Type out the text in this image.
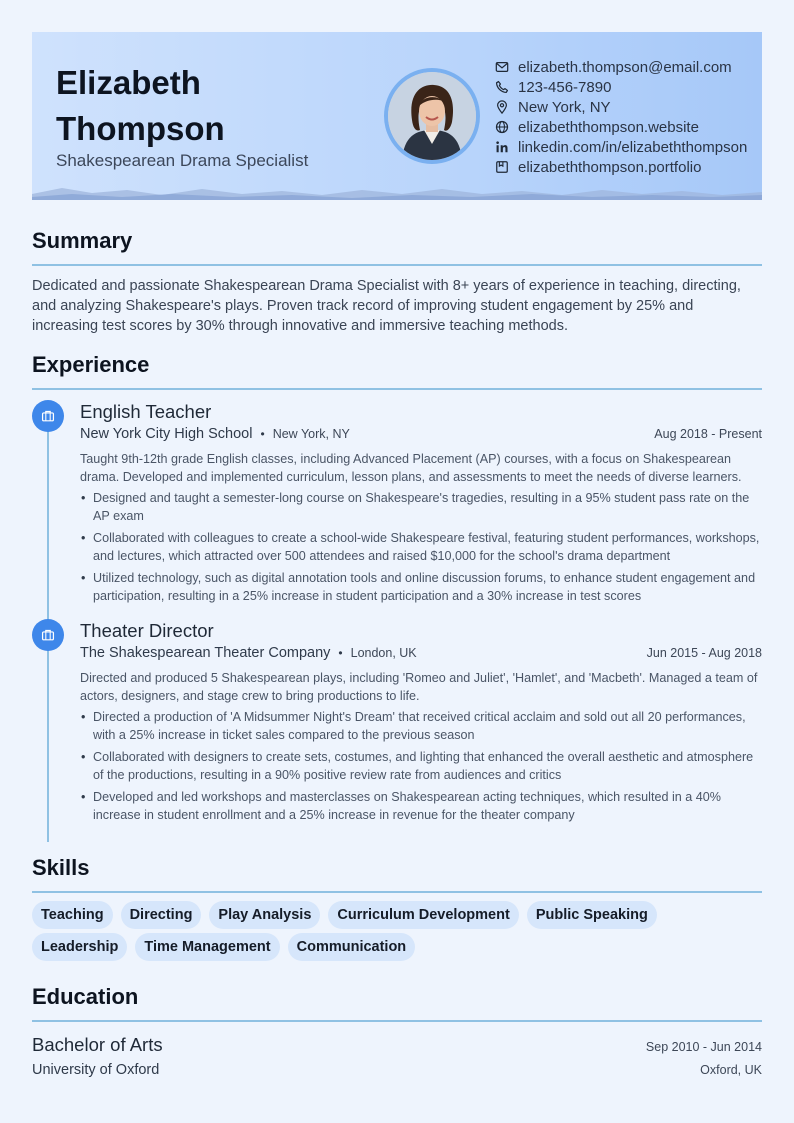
Elizabeth Thompson
Shakespearean Drama Specialist
elizabeth.thompson@email.com
123-456-7890
New York, NY
elizabeththompson.website
linkedin.com/in/elizabeththompson
elizabeththompson.portfolio
Summary

Dedicated and passionate Shakespearean Drama Specialist with 8+ years of experience in teaching, directing, and analyzing Shakespeare's plays. Proven track record of improving student engagement by 25% and increasing test scores by 30% through innovative and immersive teaching methods.

Experience
English Teacher
New York City High School • New York, NY	Aug 2018 - Present
Taught 9th-12th grade English classes, including Advanced Placement (AP) courses, with a focus on Shakespearean drama. Developed and implemented curriculum, lesson plans, and assessments to meet the needs of diverse learners.
• Designed and taught a semester-long course on Shakespeare's tragedies, resulting in a 95% student pass rate on the AP exam
• Collaborated with colleagues to create a school-wide Shakespeare festival, featuring student performances, workshops, and lectures, which attracted over 500 attendees and raised $10,000 for the school's drama department
• Utilized technology, such as digital annotation tools and online discussion forums, to enhance student engagement and participation, resulting in a 25% increase in student participation and a 30% increase in test scores
Theater Director
The Shakespearean Theater Company • London, UK	Jun 2015 - Aug 2018
Directed and produced 5 Shakespearean plays, including 'Romeo and Juliet', 'Hamlet', and 'Macbeth'. Managed a team of actors, designers, and stage crew to bring productions to life.
• Directed a production of 'A Midsummer Night's Dream' that received critical acclaim and sold out all 20 performances, with a 25% increase in ticket sales compared to the previous season
• Collaborated with designers to create sets, costumes, and lighting that enhanced the overall aesthetic and atmosphere of the productions, resulting in a 90% positive review rate from audiences and critics
• Developed and led workshops and masterclasses on Shakespearean acting techniques, which resulted in a 40% increase in student enrollment and a 25% increase in revenue for the theater company
Skills
Teaching	Directing	Play Analysis	Curriculum Development	Public Speaking
Leadership	Time Management	Communication
Education
Bachelor of Arts	Sep 2010 - Jun 2014
University of Oxford	Oxford, UK
